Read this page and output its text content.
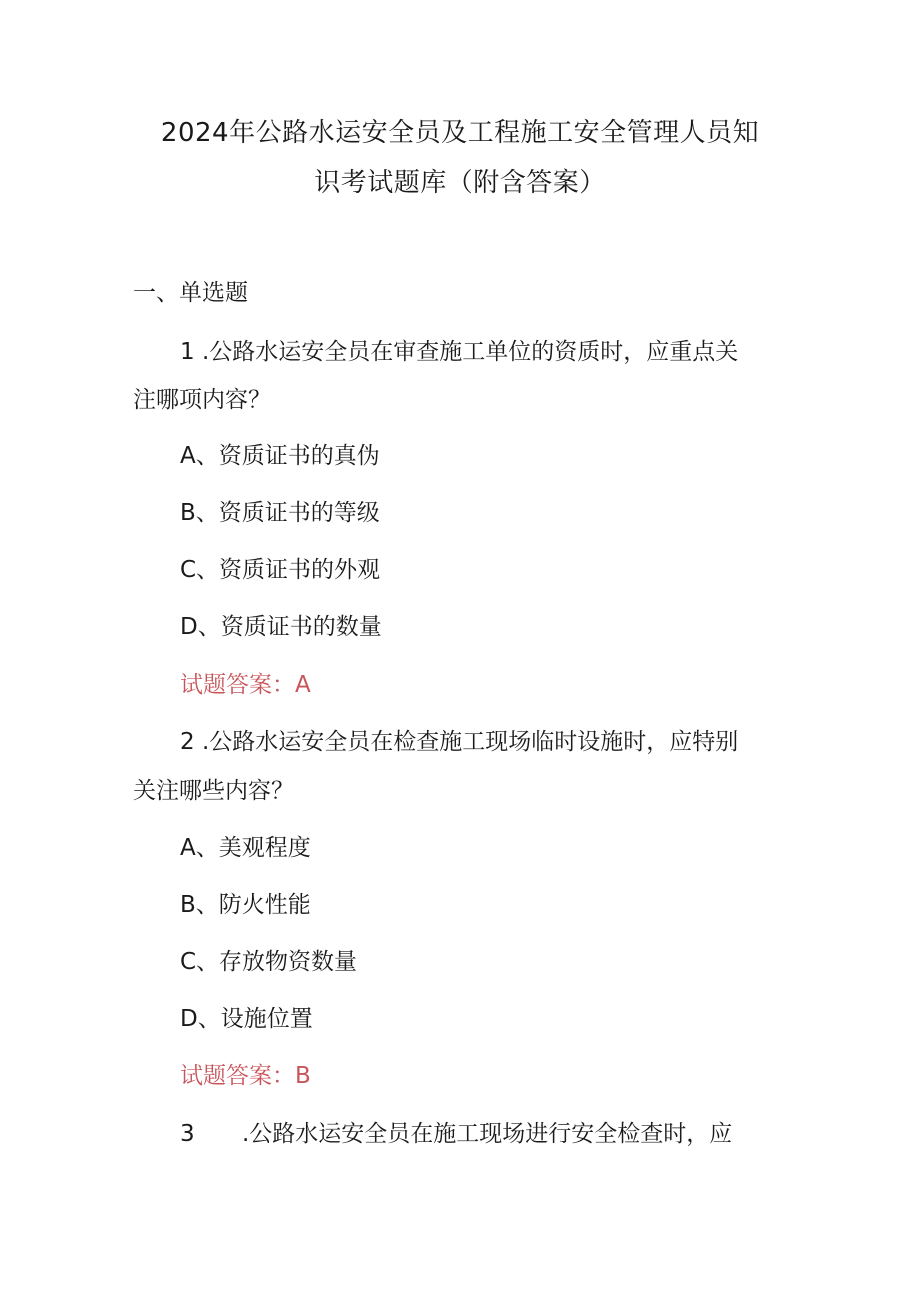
2024年公路水运安全员及工程施工安全管理人员知
识考试题库（附含答案）
一、单选题
1 .公路水运安全员在审查施工单位的资质时，应重点关
注哪项内容？
A、资质证书的真伪
B、资质证书的等级
C、资质证书的外观
D、资质证书的数量
试题答案：A
2 .公路水运安全员在检查施工现场临时设施时，应特别
关注哪些内容？
A、美观程度
B、防火性能
C、存放物资数量
D、设施位置
试题答案：B
3 .公路水运安全员在施工现场进行安全检查时，应
